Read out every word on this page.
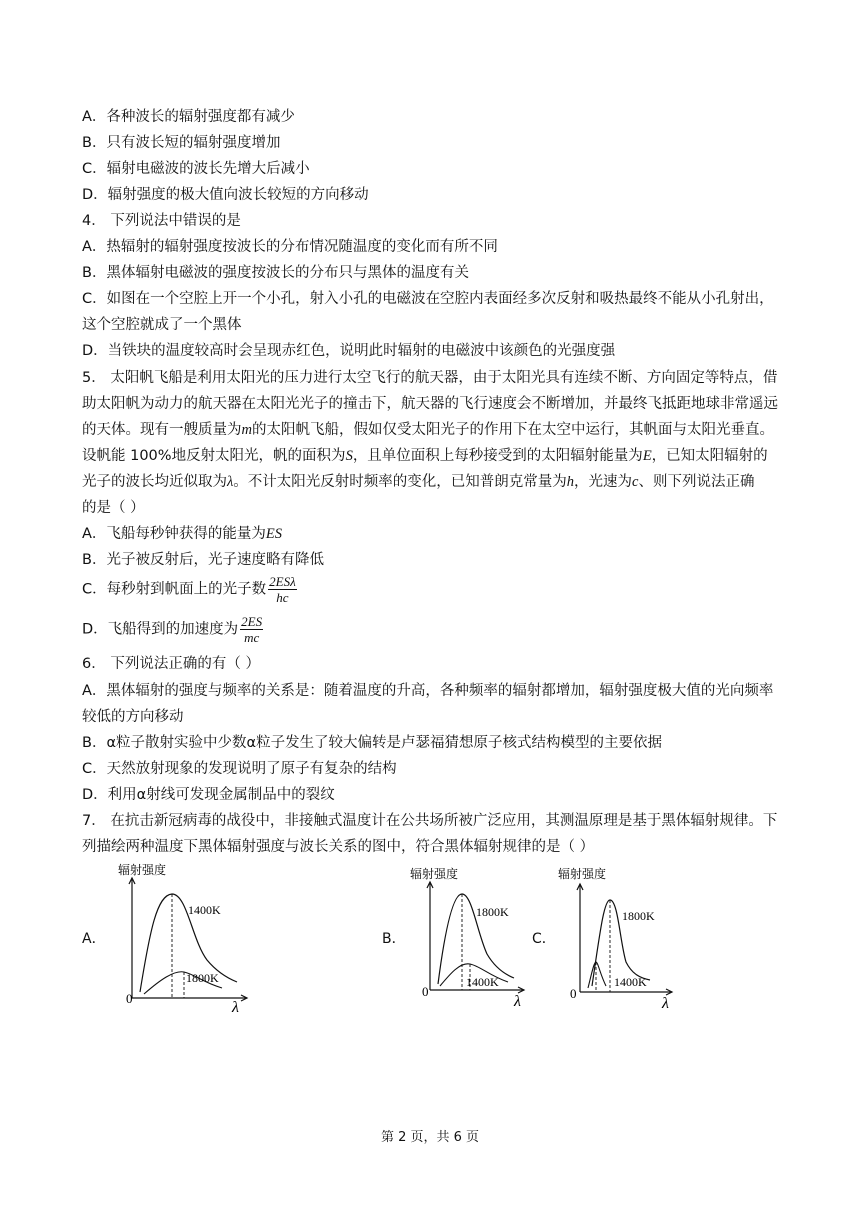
A．各种波长的辐射强度都有减少
B．只有波长短的辐射强度增加
C．辐射电磁波的波长先增大后减小
D．辐射强度的极大值向波长较短的方向移动
4． 下列说法中错误的是
A．热辐射的辐射强度按波长的分布情况随温度的变化而有所不同
B．黑体辐射电磁波的强度按波长的分布只与黑体的温度有关
C．如图在一个空腔上开一个小孔，射入小孔的电磁波在空腔内表面经多次反射和吸热最终不能从小孔射出，
这个空腔就成了一个黑体
D．当铁块的温度较高时会呈现赤红色，说明此时辐射的电磁波中该颜色的光强度强
5． 太阳帆飞船是利用太阳光的压力进行太空飞行的航天器，由于太阳光具有连续不断、方向固定等特点，借
助太阳帆为动力的航天器在太阳光光子的撞击下，航天器的飞行速度会不断增加，并最终飞抵距地球非常遥远
的天体。现有一艘质量为m的太阳帆飞船，假如仅受太阳光子的作用下在太空中运行，其帆面与太阳光垂直。
设帆能 100%地反射太阳光，帆的面积为S，且单位面积上每秒接受到的太阳辐射能量为E，已知太阳辐射的
光子的波长均近似取为λ。不计太阳光反射时频率的变化，已知普朗克常量为h，光速为c、则下列说法正确
的是（ ）
A．飞船每秒钟获得的能量为ES
B．光子被反射后，光子速度略有降低
C．每秒射到帆面上的光子数 $\frac{\text{2ESλ}}{hc}$
D．飞船得到的加速度为 $\frac{2ES}{mc}$
6． 下列说法正确的有（ ）
A．黑体辐射的强度与频率的关系是：随着温度的升高，各种频率的辐射都增加，辐射强度极大值的光向频率
较低的方向移动
B．α粒子散射实验中少数α粒子发生了较大偏转是卢瑟福猜想原子核式结构模型的主要依据
C．天然放射现象的发现说明了原子有复杂的结构
D．利用α射线可发现金属制品中的裂纹
7． 在抗击新冠病毒的战役中，非接触式温度计在公共场所被广泛应用，其测温原理是基于黑体辐射规律。下
列描绘两种温度下黑体辐射强度与波长关系的图中，符合黑体辐射规律的是（ ）
A．
辐射强度
1400K
1800K
0
λ
B．
辐射强度
1800K
1400K
0
λ
C．
辐射强度
1800K
1400K
0
λ
第 2 页，共 6 页
